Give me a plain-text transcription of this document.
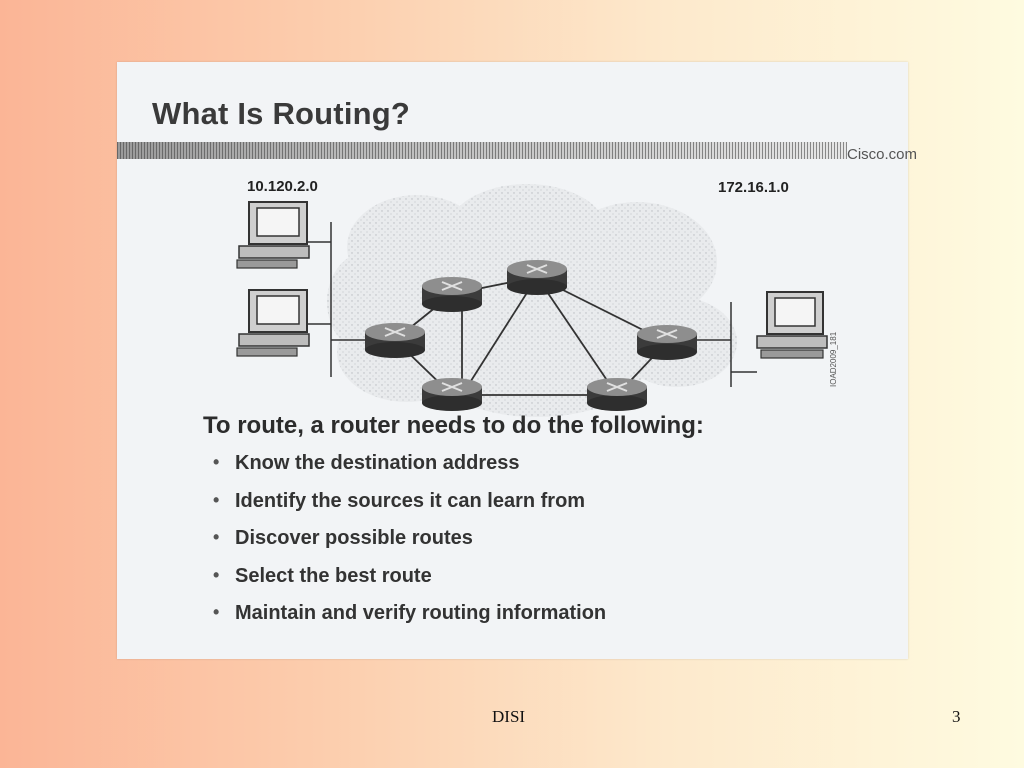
What Is Routing?
Cisco.com
10.120.2.0	172.16.1.0
IOAD2009_181

To route, a router needs to do the following:

• Know the destination address
• Identify the sources it can learn from
• Discover possible routes
• Select the best route
• Maintain and verify routing information
DISI	3
